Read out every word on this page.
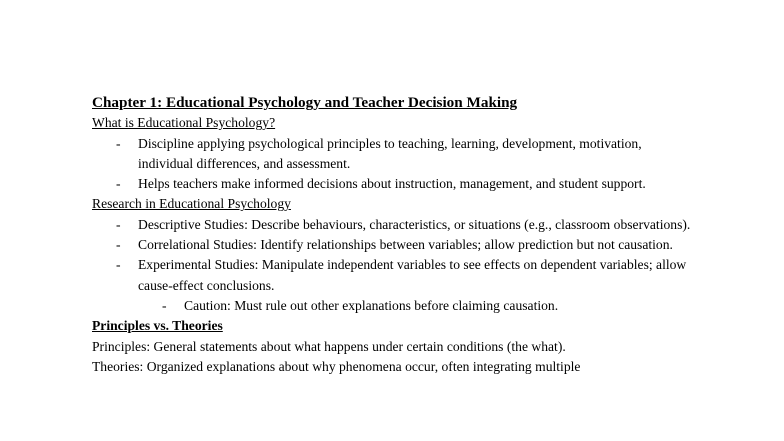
Chapter 1: Educational Psychology and Teacher Decision Making
What is Educational Psychology?
- Discipline applying psychological principles to teaching, learning, development, motivation, individual differences, and assessment.
- Helps teachers make informed decisions about instruction, management, and student support.
Research in Educational Psychology
- Descriptive Studies: Describe behaviours, characteristics, or situations (e.g., classroom observations).
- Correlational Studies: Identify relationships between variables; allow prediction but not causation.
- Experimental Studies: Manipulate independent variables to see effects on dependent variables; allow cause-effect conclusions.
- Caution: Must rule out other explanations before claiming causation.
Principles vs. Theories
Principles: General statements about what happens under certain conditions (the what).
Theories: Organized explanations about why phenomena occur, often integrating multiple
